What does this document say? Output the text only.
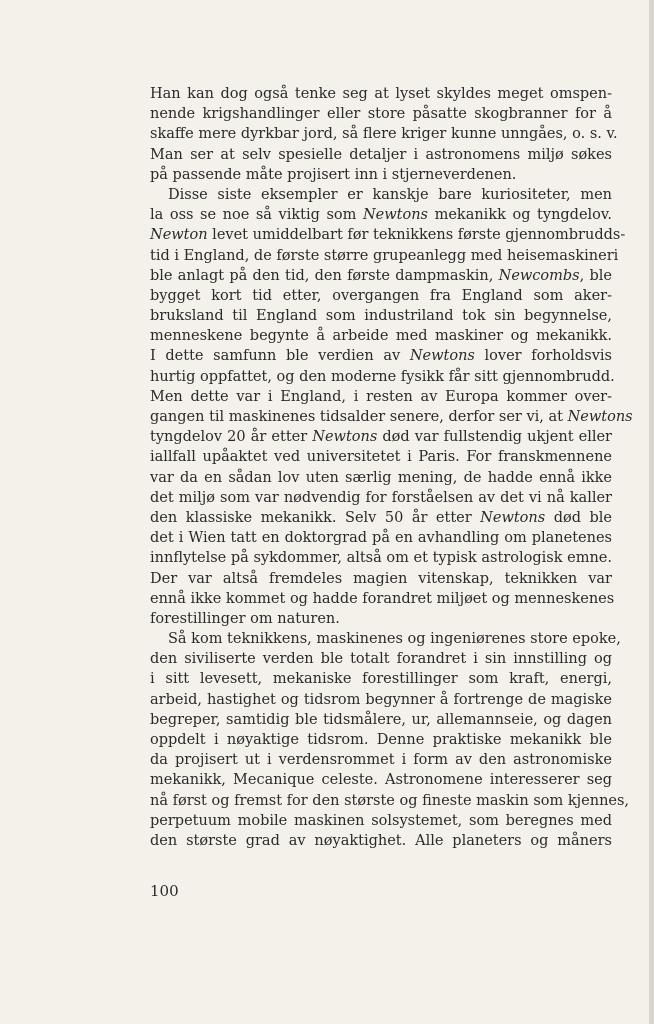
Han kan dog også tenke seg at lyset skyldes meget omspen-
nende krigshandlinger eller store påsatte skogbranner for å
skaffe mere dyrkbar jord, så flere kriger kunne unngåes, o. s. v.
Man ser at selv spesielle detaljer i astronomens miljø søkes
på passende måte projisert inn i stjerneverdenen.
Disse siste eksempler er kanskje bare kuriositeter, men
la oss se noe så viktig som Newtons mekanikk og tyngdelov.
Newton levet umiddelbart før teknikkens første gjennombrudds-
tid i England, de første større grupeanlegg med heisemaskineri
ble anlagt på den tid, den første dampmaskin, Newcombs, ble
bygget kort tid etter, overgangen fra England som aker-
bruksland til England som industriland tok sin begynnelse,
menneskene begynte å arbeide med maskiner og mekanikk.
I dette samfunn ble verdien av Newtons lover forholdsvis
hurtig oppfattet, og den moderne fysikk får sitt gjennombrudd.
Men dette var i England, i resten av Europa kommer over-
gangen til maskinenes tidsalder senere, derfor ser vi, at Newtons
tyngdelov 20 år etter Newtons død var fullstendig ukjent eller
iallfall upåaktet ved universitetet i Paris. For franskmennene
var da en sådan lov uten særlig mening, de hadde ennå ikke
det miljø som var nødvendig for forståelsen av det vi nå kaller
den klassiske mekanikk. Selv 50 år etter Newtons død ble
det i Wien tatt en doktorgrad på en avhandling om planetenes
innflytelse på sykdommer, altså om et typisk astrologisk emne.
Der var altså fremdeles magien vitenskap, teknikken var
ennå ikke kommet og hadde forandret miljøet og menneskenes
forestillinger om naturen.
Så kom teknikkens, maskinenes og ingeniørenes store epoke,
den siviliserte verden ble totalt forandret i sin innstilling og
i sitt levesett, mekaniske forestillinger som kraft, energi,
arbeid, hastighet og tidsrom begynner å fortrenge de magiske
begreper, samtidig ble tidsmålere, ur, allemannseie, og dagen
oppdelt i nøyaktige tidsrom. Denne praktiske mekanikk ble
da projisert ut i verdensrommet i form av den astronomiske
mekanikk, Mecanique celeste. Astronomene interesserer seg
nå først og fremst for den største og fineste maskin som kjennes,
perpetuum mobile maskinen solsystemet, som beregnes med
den største grad av nøyaktighet. Alle planeters og måners
100
